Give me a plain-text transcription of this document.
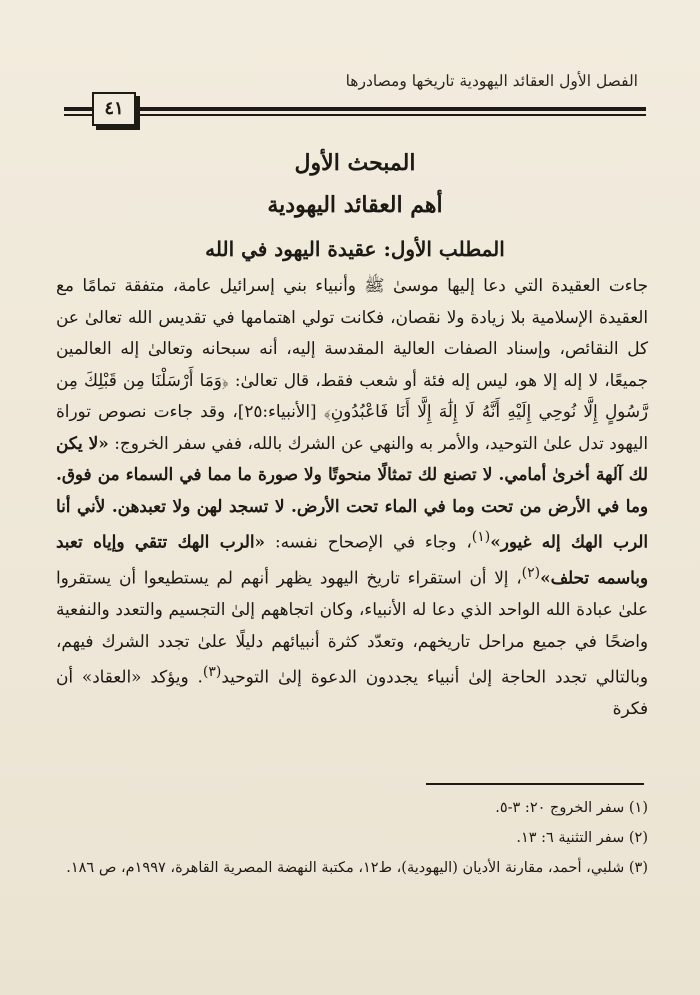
الفصل الأول العقائد اليهودية تاريخها ومصادرها
٤١
المبحث الأول
أهم العقائد اليهودية
المطلب الأول: عقيدة اليهود في الله

جاءت العقيدة التي دعا إليها موسىٰ ﷺ وأنبياء بني إسرائيل عامة، متفقة تمامًا مع العقيدة الإسلامية بلا زيادة ولا نقصان، فكانت تولي اهتمامها في تقديس الله تعالىٰ عن كل النقائص، وإسناد الصفات العالية المقدسة إليه، أنه سبحانه وتعالىٰ إله العالمين جميعًا، لا إله إلا هو، ليس إله فئة أو شعب فقط، قال تعالىٰ: ﴿وَمَا أَرْسَلْنَا مِن قَبْلِكَ مِن رَّسُولٍ إِلَّا نُوحِي إِلَيْهِ أَنَّهُ لَا إِلَٰهَ إِلَّا أَنَا فَاعْبُدُونِ﴾ [الأنبياء:٢٥]، وقد جاءت نصوص توراة اليهود تدل علىٰ التوحيد، والأمر به والنهي عن الشرك بالله، ففي سفر الخروج: «لا يكن لك آلهة أخرىٰ أمامي. لا تصنع لك تمثالًا منحوتًا ولا صورة ما مما في السماء من فوق. وما في الأرض من تحت وما في الماء تحت الأرض. لا تسجد لهن ولا تعبدهن. لأني أنا الرب الهك إله غيور»$^{(١)}$، وجاء في الإصحاح نفسه: «الرب الهك تتقي وإياه تعبد وباسمه تحلف»$^{(٢)}$، إلا أن استقراء تاريخ اليهود يظهر أنهم لم يستطيعوا أن يستقروا علىٰ عبادة الله الواحد الذي دعا له الأنبياء، وكان اتجاههم إلىٰ التجسيم والتعدد والنفعية واضحًا في جميع مراحل تاريخهم، وتعدّد كثرة أنبيائهم دليلًا علىٰ تجدد الشرك فيهم، وبالتالي تجدد الحاجة إلىٰ أنبياء يجددون الدعوة إلىٰ التوحيد$^{(٣)}$. ويؤكد «العقاد» أن فكرة

(١) سفر الخروج ٢٠: ٣-٥.
(٢) سفر التثنية ٦: ١٣.
(٣) شلبي، أحمد، مقارنة الأديان (اليهودية)، ط١٢، مكتبة النهضة المصرية القاهرة، ١٩٩٧م، ص ١٨٦.
